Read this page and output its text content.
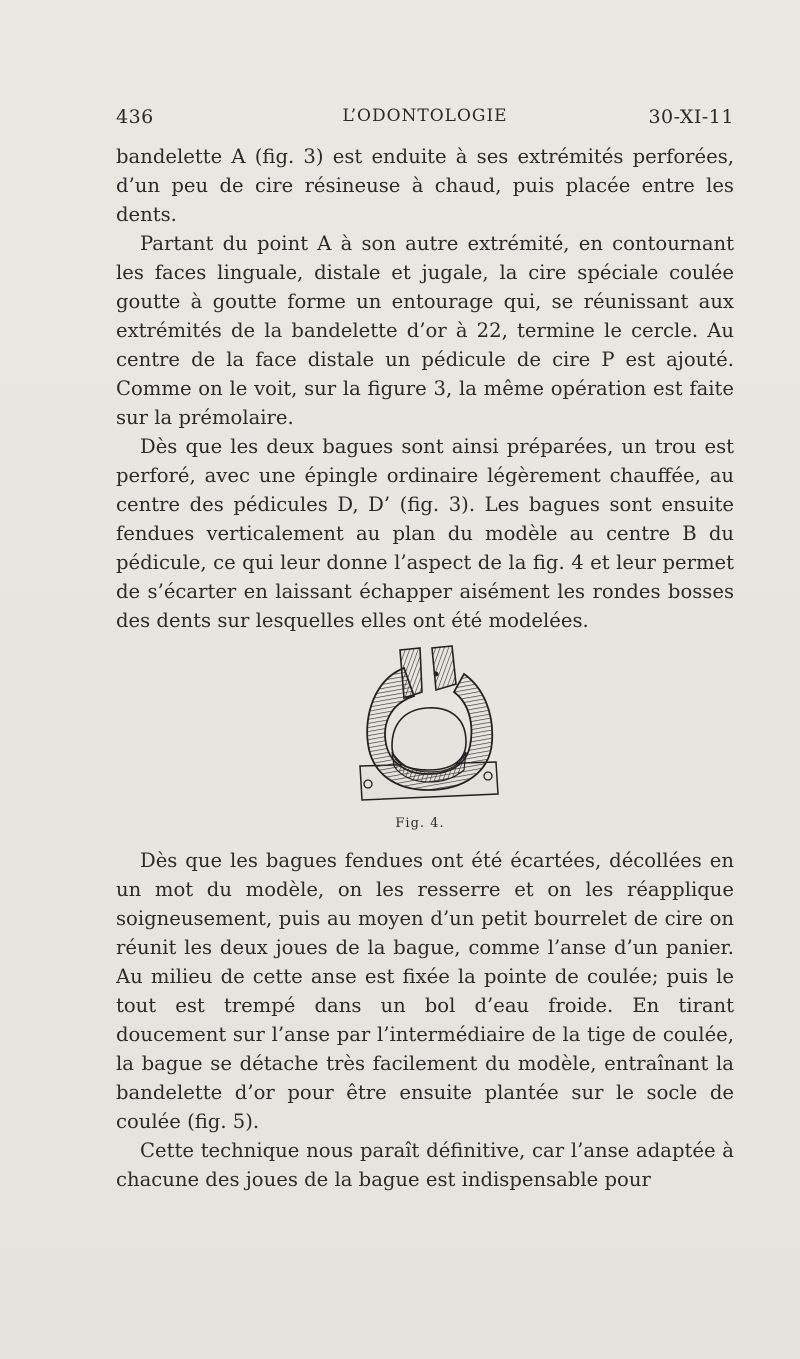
436	L’ODONTOLOGIE	30-XI-11

bandelette A (fig. 3) est enduite à ses extrémités perforées, d’un peu de cire résineuse à chaud, puis placée entre les dents.

Partant du point A à son autre extrémité, en contournant les faces linguale, distale et jugale, la cire spéciale coulée goutte à goutte forme un entourage qui, se réunissant aux extrémités de la bandelette d’or à 22, termine le cercle. Au centre de la face distale un pédicule de cire P est ajouté. Comme on le voit, sur la figure 3, la même opération est faite sur la prémolaire.

Dès que les deux bagues sont ainsi préparées, un trou est perforé, avec une épingle ordinaire légèrement chauffée, au centre des pédicules D, D’ (fig. 3). Les bagues sont ensuite fendues verticalement au plan du modèle au centre B du pédicule, ce qui leur donne l’aspect de la fig. 4 et leur permet de s’écarter en laissant échapper aisément les rondes bosses des dents sur lesquelles elles ont été modelées.

Fig. 4.

Dès que les bagues fendues ont été écartées, décollées en un mot du modèle, on les resserre et on les réapplique soigneusement, puis au moyen d’un petit bourrelet de cire on réunit les deux joues de la bague, comme l’anse d’un panier. Au milieu de cette anse est fixée la pointe de coulée; puis le tout est trempé dans un bol d’eau froide. En tirant doucement sur l’anse par l’intermédiaire de la tige de coulée, la bague se détache très facilement du modèle, entraînant la bandelette d’or pour être ensuite plantée sur le socle de coulée (fig. 5).

Cette technique nous paraît définitive, car l’anse adaptée à chacune des joues de la bague est indispensable pour
